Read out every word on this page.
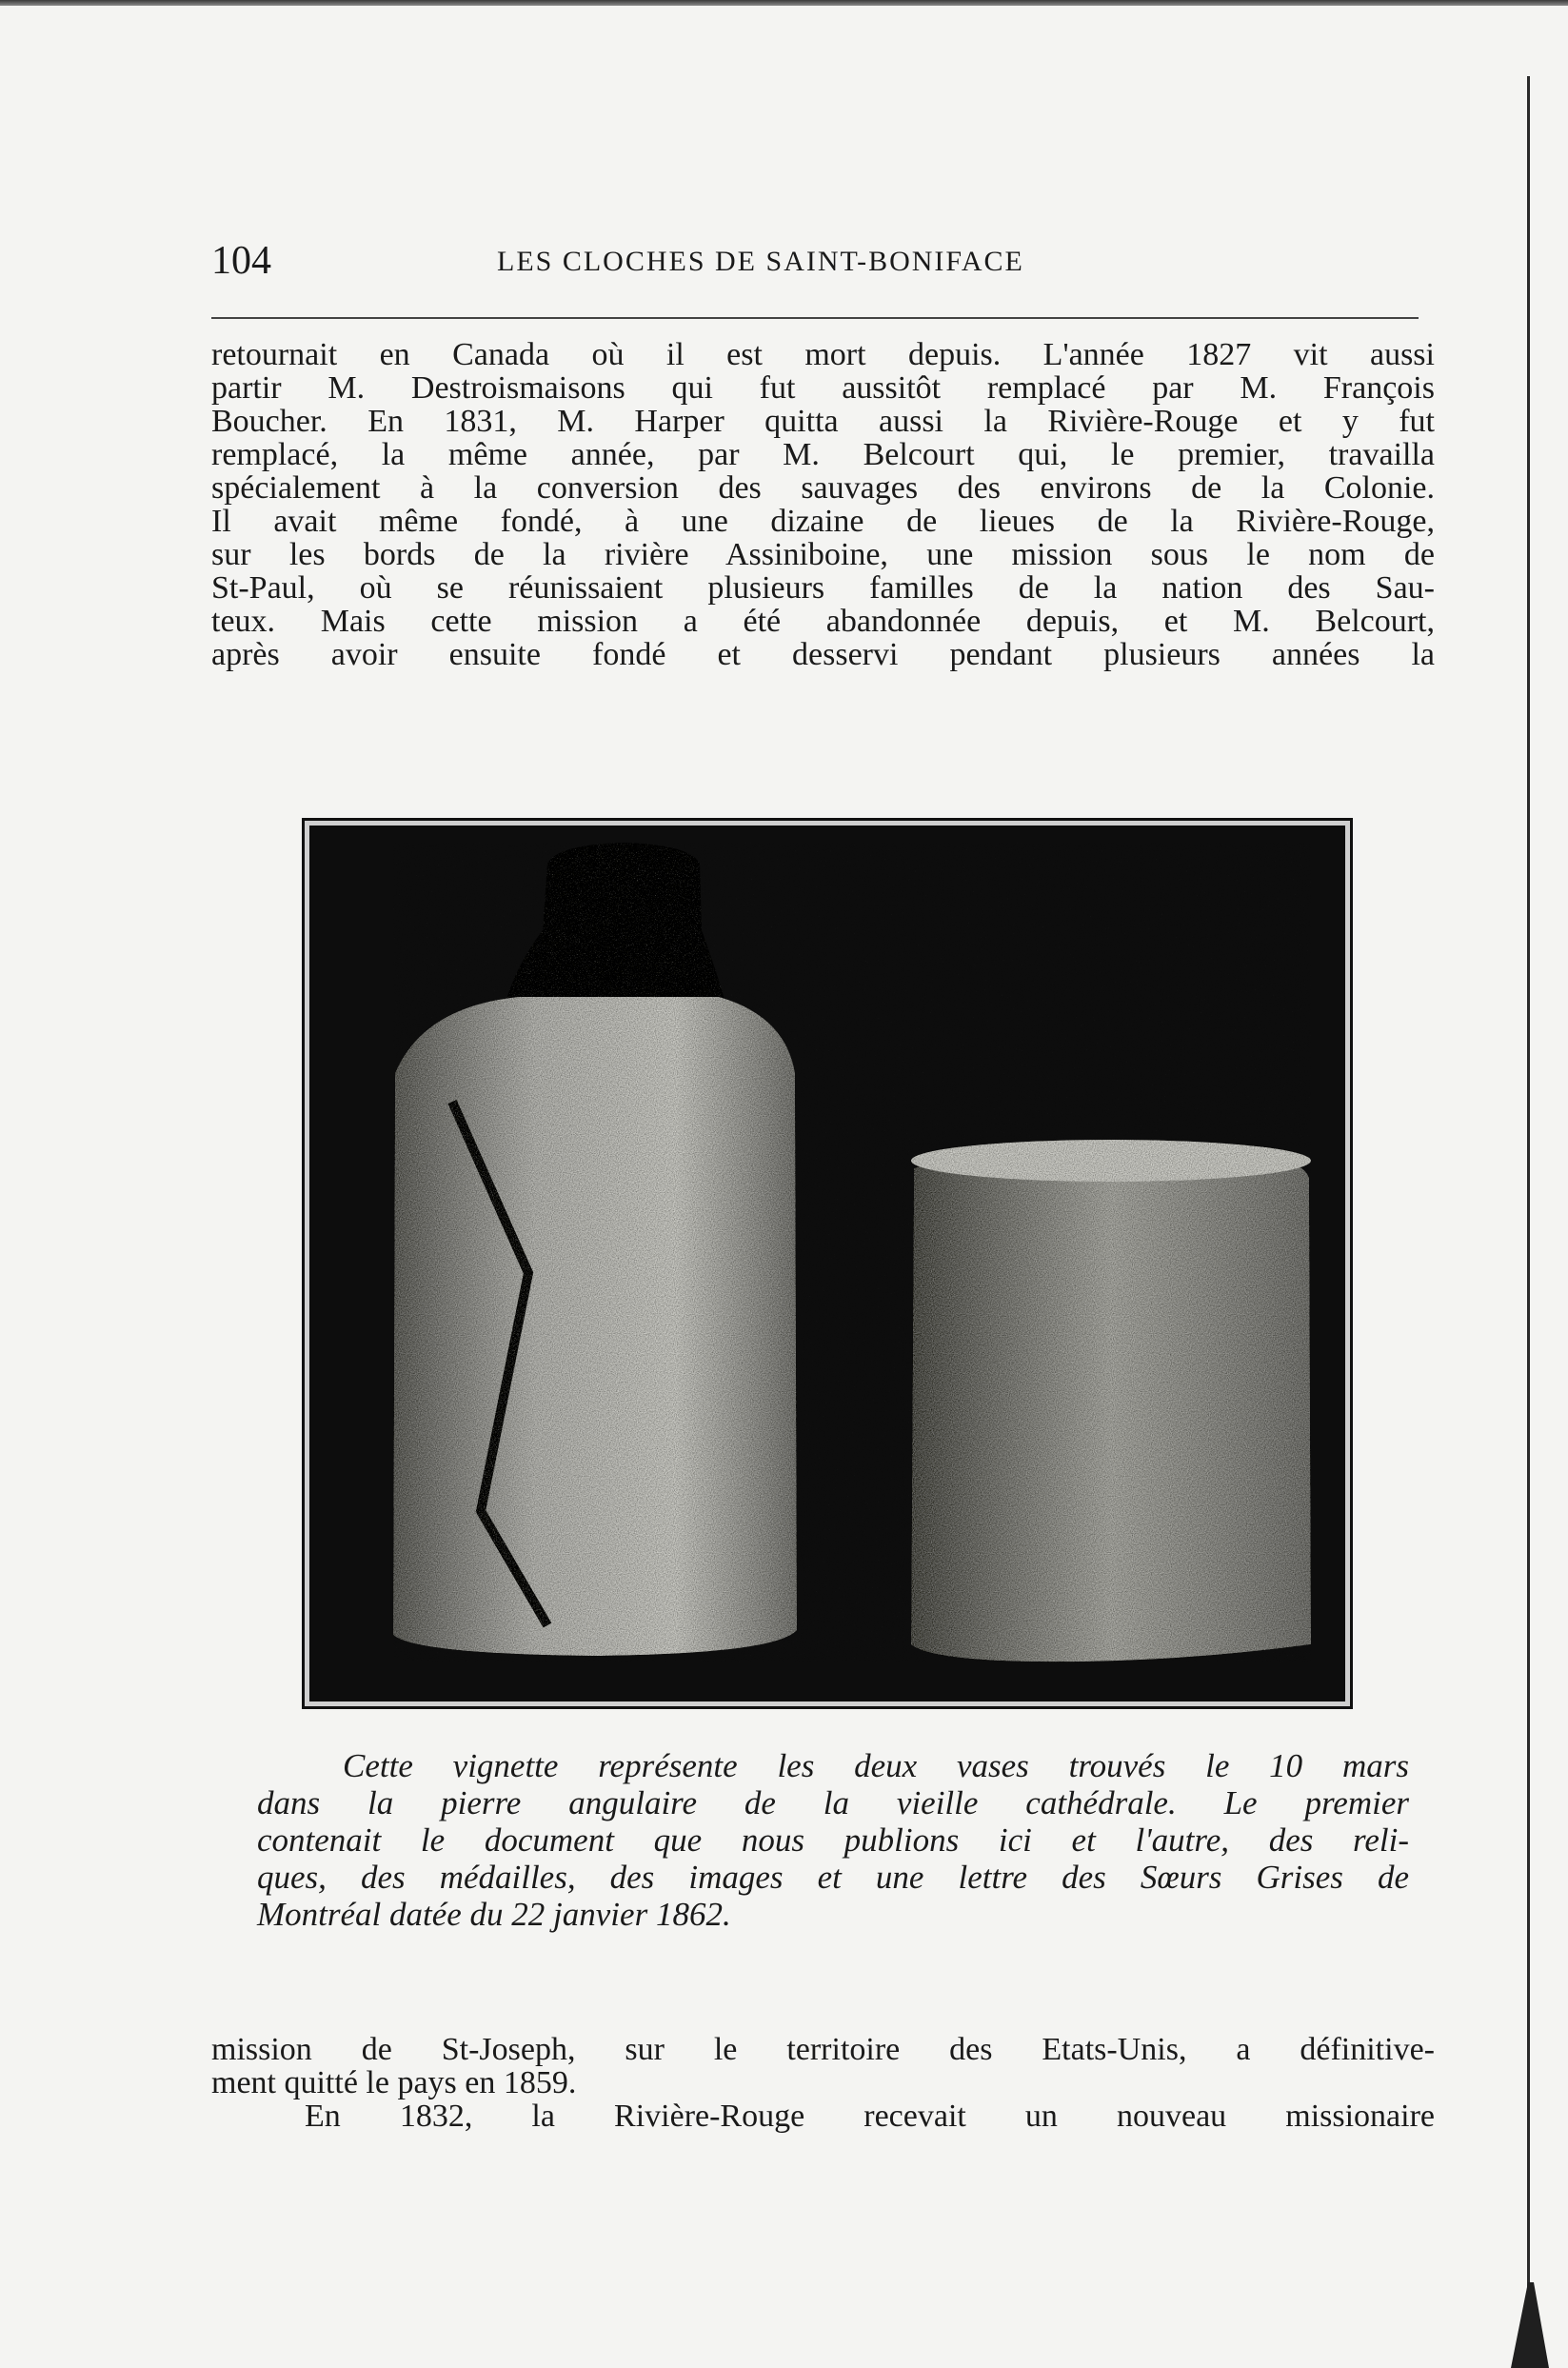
104	LES CLOCHES DE SAINT-BONIFACE
retournait en Canada où il est mort depuis. L'année 1827 vit aussi
partir M. Destroismaisons qui fut aussitôt remplacé par M. François
Boucher. En 1831, M. Harper quitta aussi la Rivière-Rouge et y fut
remplacé, la même année, par M. Belcourt qui, le premier, travailla
spécialement à la conversion des sauvages des environs de la Colonie.
Il avait même fondé, à une dizaine de lieues de la Rivière-Rouge,
sur les bords de la rivière Assiniboine, une mission sous le nom de
St-Paul, où se réunissaient plusieurs familles de la nation des Sau-
teux. Mais cette mission a été abandonnée depuis, et M. Belcourt,
après avoir ensuite fondé et desservi pendant plusieurs années la
Cette vignette représente les deux vases trouvés le 10 mars
dans la pierre angulaire de la vieille cathédrale. Le premier
contenait le document que nous publions ici et l'autre, des reli-
ques, des médailles, des images et une lettre des Sœurs Grises de
Montréal datée du 22 janvier 1862.
mission de St-Joseph, sur le territoire des Etats-Unis, a définitive-
ment quitté le pays en 1859.
En 1832, la Rivière-Rouge recevait un nouveau missionaire
